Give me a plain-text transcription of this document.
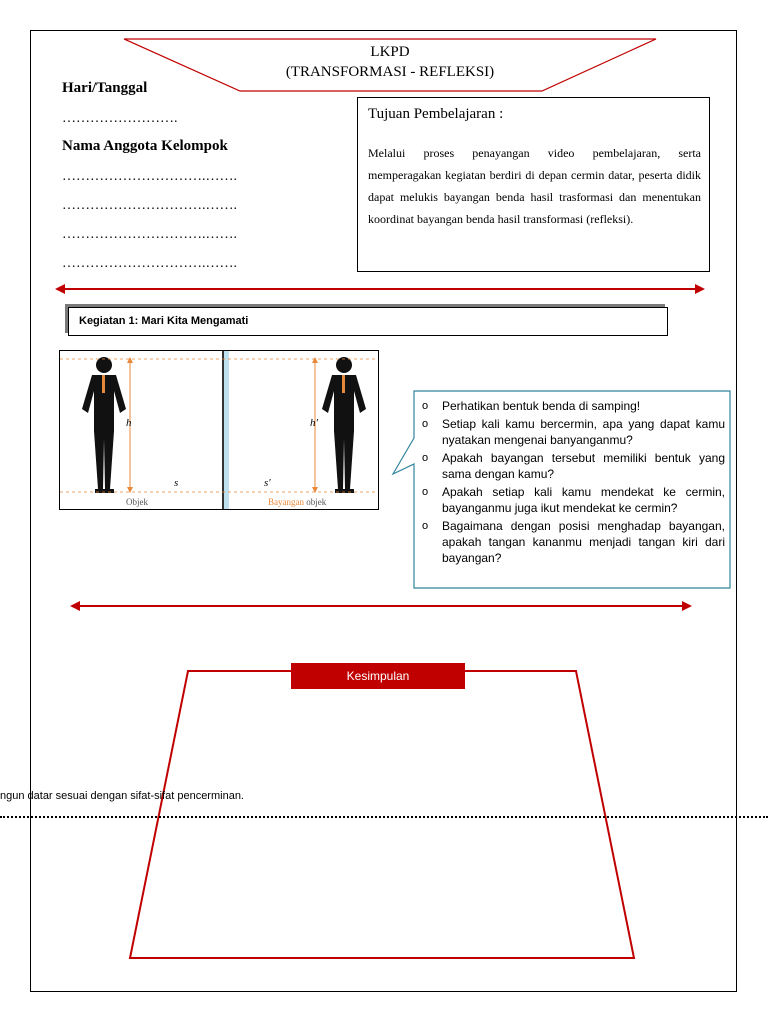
LKPD
(TRANSFORMASI - REFLEKSI)
Hari/Tanggal
…………………….
Nama Anggota Kelompok
………………………….…….
………………………….…….
………………………….…….
………………………….…….
Tujuan Pembelajaran :
Melalui proses penayangan video pembelajaran, serta memperagakan kegiatan berdiri di depan cermin datar, peserta didik dapat melukis bayangan benda hasil trasformasi dan menentukan koordinat bayangan benda hasil transformasi (refleksi).
Kegiatan 1: Mari Kita Mengamati
h	h'
s	s'
Objek	Bayangan objek
o Perhatikan bentuk benda di samping!
o Setiap kali kamu bercermin, apa yang dapat kamu nyatakan mengenai banyanganmu?
o Apakah bayangan tersebut memiliki bentuk yang sama dengan kamu?
o Apakah setiap kali kamu mendekat ke cermin, bayanganmu juga ikut mendekat ke cermin?
o Bagaimana dengan posisi menghadap bayangan, apakah tangan kananmu menjadi tangan kiri dari bayangan?
Kesimpulan
ngun datar sesuai dengan sifat-sifat pencerminan.
